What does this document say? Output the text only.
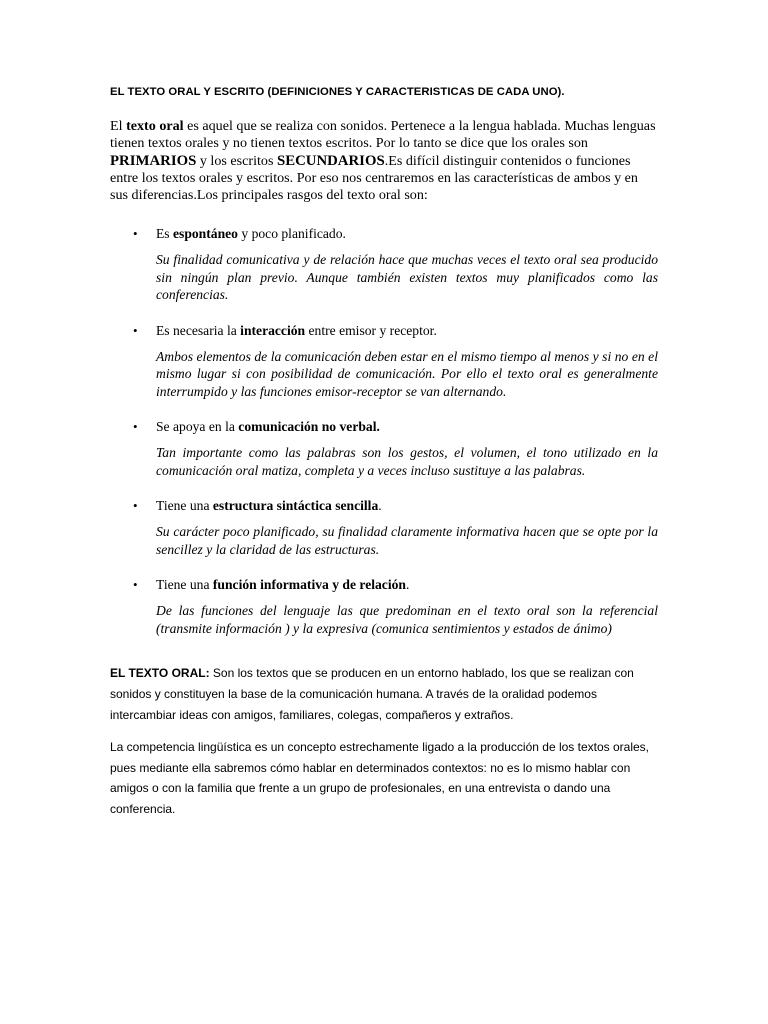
EL TEXTO ORAL Y ESCRITO (DEFINICIONES Y CARACTERISTICAS DE CADA UNO).

El texto oral es aquel que se realiza con sonidos. Pertenece a la lengua hablada. Muchas lenguas tienen textos orales y no tienen textos escritos. Por lo tanto se dice que los orales son PRIMARIOS y los escritos SECUNDARIOS.Es difícil distinguir contenidos o funciones entre los textos orales y escritos. Por eso nos centraremos en las características de ambos y en sus diferencias.Los principales rasgos del texto oral son:

• Es espontáneo y poco planificado.

Su finalidad comunicativa y de relación hace que muchas veces el texto oral sea producido sin ningún plan previo. Aunque también existen textos muy planificados como las conferencias.

• Es necesaria la interacción entre emisor y receptor.

Ambos elementos de la comunicación deben estar en el mismo tiempo al menos y si no en el mismo lugar si con posibilidad de comunicación. Por ello el texto oral es generalmente interrumpido y las funciones emisor-receptor se van alternando.

• Se apoya en la comunicación no verbal.

Tan importante como las palabras son los gestos, el volumen, el tono utilizado en la comunicación oral matiza, completa y a veces incluso sustituye a las palabras.

• Tiene una estructura sintáctica sencilla.

Su carácter poco planificado, su finalidad claramente informativa hacen que se opte por la sencillez y la claridad de las estructuras.

• Tiene una función informativa y de relación.

De las funciones del lenguaje las que predominan en el texto oral son la referencial (transmite información ) y la expresiva (comunica sentimientos y estados de ánimo)

EL TEXTO ORAL: Son los textos que se producen en un entorno hablado, los que se realizan con sonidos y constituyen la base de la comunicación humana. A través de la oralidad podemos intercambiar ideas con amigos, familiares, colegas, compañeros y extraños.

La competencia lingüística es un concepto estrechamente ligado a la producción de los textos orales, pues mediante ella sabremos cómo hablar en determinados contextos: no es lo mismo hablar con amigos o con la familia que frente a un grupo de profesionales, en una entrevista o dando una conferencia.
